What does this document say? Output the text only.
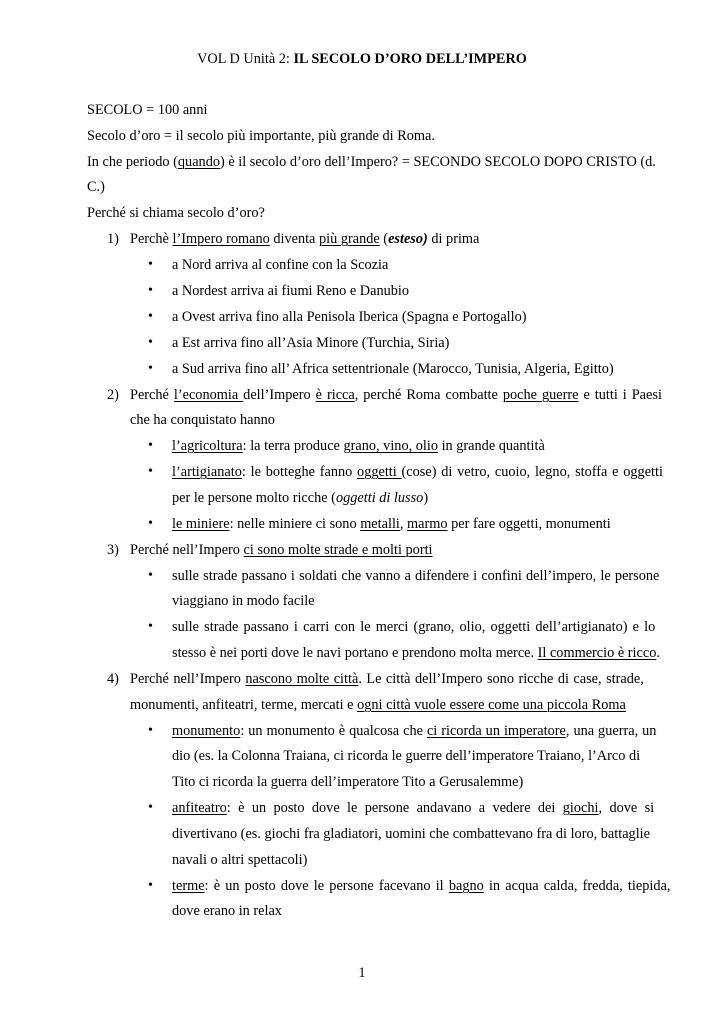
VOL D Unità 2: IL SECOLO D’ORO DELL’IMPERO
SECOLO = 100 anni
Secolo d’oro = il secolo più importante, più grande di Roma.
In che periodo (quando) è il secolo d’oro dell’Impero? = SECONDO SECOLO DOPO CRISTO (d.
C.)
Perché si chiama secolo d’oro?
1) Perchè l’Impero romano diventa più grande (esteso) di prima
• a Nord arriva al confine con la Scozia
• a Nordest arriva ai fiumi Reno e Danubio
• a Ovest arriva fino alla Penisola Iberica (Spagna e Portogallo)
• a Est arriva fino all’Asia Minore (Turchia, Siria)
• a Sud arriva fino all’ Africa settentrionale (Marocco, Tunisia, Algeria, Egitto)
2) Perché l’economia dell’Impero è ricca, perché Roma combatte poche guerre e tutti i Paesi
che ha conquistato hanno
• l’agricoltura: la terra produce grano, vino, olio in grande quantità
• l’artigianato: le botteghe fanno oggetti (cose) di vetro, cuoio, legno, stoffa e oggetti
per le persone molto ricche (oggetti di lusso)
• le miniere: nelle miniere ci sono metalli, marmo per fare oggetti, monumenti
3) Perché nell’Impero ci sono molte strade e molti porti
• sulle strade passano i soldati che vanno a difendere i confini dell’impero, le persone
viaggiano in modo facile
• sulle strade passano i carri con le merci (grano, olio, oggetti dell’artigianato) e lo
stesso è nei porti dove le navi portano e prendono molta merce. Il commercio è ricco.
4) Perché nell’Impero nascono molte città. Le città dell’Impero sono ricche di case, strade,
monumenti, anfiteatri, terme, mercati e ogni città vuole essere come una piccola Roma
• monumento: un monumento è qualcosa che ci ricorda un imperatore, una guerra, un
dio (es. la Colonna Traiana, ci ricorda le guerre dell’imperatore Traiano, l’Arco di
Tito ci ricorda la guerra dell’imperatore Tito a Gerusalemme)
• anfiteatro: è un posto dove le persone andavano a vedere dei giochi, dove si
divertivano (es. giochi fra gladiatori, uomini che combattevano fra di loro, battaglie
navali o altri spettacoli)
• terme: è un posto dove le persone facevano il bagno in acqua calda, fredda, tiepida,
dove erano in relax
1
